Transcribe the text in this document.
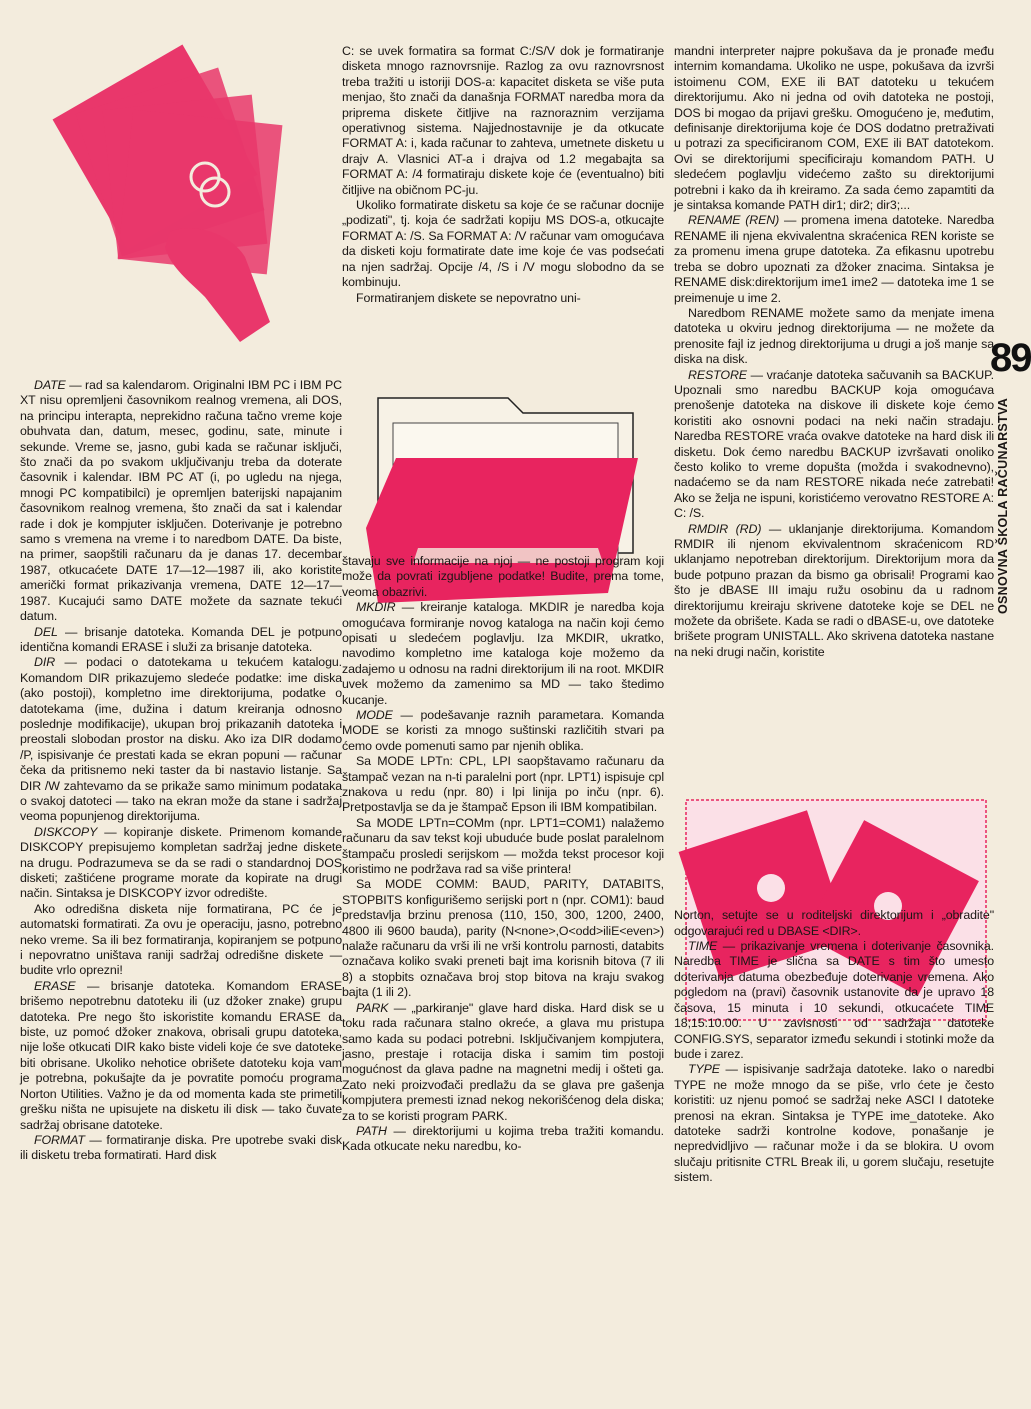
DATE — rad sa kalendarom. Originalni IBM PC i IBM PC XT nisu opremljeni časovnikom realnog vremena, ali DOS, na principu interapta, neprekidno računa tačno vreme koje obuhvata dan, datum, mesec, godinu, sate, minute i sekunde. Vreme se, jasno, gubi kada se računar isključi, što znači da po svakom uključivanju treba da doterate časovnik i kalendar. IBM PC AT (i, po ugledu na njega, mnogi PC kompatibilci) je opremljen baterijski napajanim časovnikom realnog vremena, što znači da sat i kalendar rade i dok je kompjuter isključen. Doterivanje je potrebno samo s vremena na vreme i to naredbom DATE. Da biste, na primer, saopštili računaru da je danas 17. decembar 1987, otkucaćete DATE 17—12—1987 ili, ako koristite američki format prikazivanja vremena, DATE 12—17—1987. Kucajući samo DATE možete da saznate tekući datum.

DEL — brisanje datoteka. Komanda DEL je potpuno identična komandi ERASE i služi za brisanje datoteka.

DIR — podaci o datotekama u tekućem katalogu. Komandom DIR prikazujemo sledeće podatke: ime diska (ako postoji), kompletno ime direktorijuma, podatke o datotekama (ime, dužina i datum kreiranja odnosno poslednje modifikacije), ukupan broj prikazanih datoteka i preostali slobodan prostor na disku. Ako iza DIR dodamo /P, ispisivanje će prestati kada se ekran popuni — računar čeka da pritisnemo neki taster da bi nastavio listanje. Sa DIR /W zahtevamo da se prikaže samo minimum podataka o svakoj datoteci — tako na ekran može da stane i sadržaj veoma popunjenog direktorijuma.

DISKCOPY — kopiranje diskete. Primenom komande DISKCOPY prepisujemo kompletan sadržaj jedne diskete na drugu. Podrazumeva se da se radi o standardnoj DOS disketi; zaštićene programe morate da kopirate na drugi način. Sintaksa je DISKCOPY izvor odredište.

Ako odredišna disketa nije formatirana, PC će je automatski formatirati. Za ovu je operaciju, jasno, potrebno neko vreme. Sa ili bez formatiranja, kopiranjem se potpuno i nepovratno uništava raniji sadržaj odredišne diskete — budite vrlo oprezni!

ERASE — brisanje datoteka. Komandom ERASE brišemo nepotrebnu datoteku ili (uz džoker znake) grupu datoteka. Pre nego što iskoristite komandu ERASE da biste, uz pomoć džoker znakova, obrisali grupu datoteka, nije loše otkucati DIR kako biste videli koje će sve datoteke biti obrisane. Ukoliko nehotice obrišete datoteku koja vam je potrebna, pokušajte da je povratite pomoću programa Norton Utilities. Važno je da od momenta kada ste primetili grešku ništa ne upisujete na disketu ili disk — tako čuvate sadržaj obrisane datoteke.

FORMAT — formatiranje diska. Pre upotrebe svaki disk ili disketu treba formatirati. Hard disk

C: se uvek formatira sa format C:/S/V dok je formatiranje disketa mnogo raznovrsnije. Razlog za ovu raznovrsnost treba tražiti u istoriji DOS-a: kapacitet disketa se više puta menjao, što znači da današnja FORMAT naredba mora da priprema diskete čitljive na raznoraznim verzijama operativnog sistema. Najjednostavnije je da otkucate FORMAT A: i, kada računar to zahteva, umetnete disketu u drajv A. Vlasnici AT-a i drajva od 1.2 megabajta sa FORMAT A: /4 formatiraju diskete koje će (eventualno) biti čitljive na običnom PC-ju.

Ukoliko formatirate disketu sa koje će se računar docnije „podizati", tj. koja će sadržati kopiju MS DOS-a, otkucajte FORMAT A: /S. Sa FORMAT A: /V računar vam omogućava da disketi koju formatirate date ime koje će vas podsećati na njen sadržaj. Opcije /4, /S i /V mogu slobodno da se kombinuju.

Formatiranjem diskete se nepovratno uni-

štavaju sve informacije na njoj — ne postoji program koji može da povrati izgubljene podatke! Budite, prema tome, veoma obazrivi.

MKDIR — kreiranje kataloga. MKDIR je naredba koja omogućava formiranje novog kataloga na način koji ćemo opisati u sledećem poglavlju. Iza MKDIR, ukratko, navodimo kompletno ime kataloga koje možemo da zadajemo u odnosu na radni direktorijum ili na root. MKDIR uvek možemo da zamenimo sa MD — tako štedimo kucanje.

MODE — podešavanje raznih parametara. Komanda MODE se koristi za mnogo suštinski različitih stvari pa ćemo ovde pomenuti samo par njenih oblika.

Sa MODE LPTn: CPL, LPI saopštavamo računaru da štampač vezan na n-ti paralelni port (npr. LPT1) ispisuje cpl znakova u redu (npr. 80) i lpi linija po inču (npr. 6). Pretpostavlja se da je štampač Epson ili IBM kompatibilan.

Sa MODE LPTn=COMm (npr. LPT1=COM1) nalažemo računaru da sav tekst koji ubuduće bude poslat paralelnom štampaču prosledi serijskom — možda tekst procesor koji koristimo ne podržava rad sa više printera!

Sa MODE COMM: BAUD, PARITY, DATABITS, STOPBITS konfigurišemo serijski port n (npr. COM1): baud predstavlja brzinu prenosa (110, 150, 300, 1200, 2400, 4800 ili 9600 bauda), parity (N<none>,O<odd>iliE<even>) nalaže računaru da vrši ili ne vrši kontrolu parnosti, databits označava koliko svaki preneti bajt ima korisnih bitova (7 ili 8) a stopbits označava broj stop bitova na kraju svakog bajta (1 ili 2).

PARK — „parkiranje" glave hard diska. Hard disk se u toku rada računara stalno okreće, a glava mu pristupa samo kada su podaci potrebni. Isključivanjem kompjutera, jasno, prestaje i rotacija diska i samim tim postoji mogućnost da glava padne na magnetni medij i ošteti ga. Zato neki proizvođači predlažu da se glava pre gašenja kompjutera premesti iznad nekog nekorišćenog dela diska; za to se koristi program PARK.

PATH — direktorijumi u kojima treba tražiti komandu. Kada otkucate neku naredbu, ko-

mandni interpreter najpre pokušava da je pronađe među internim komandama. Ukoliko ne uspe, pokušava da izvrši istoimenu COM, EXE ili BAT datoteku u tekućem direktorijumu. Ako ni jedna od ovih datoteka ne postoji, DOS bi mogao da prijavi grešku. Omogućeno je, međutim, definisanje direktorijuma koje će DOS dodatno pretraživati u potrazi za specificiranom COM, EXE ili BAT datotekom. Ovi se direktorijumi specificiraju komandom PATH. U sledećem poglavlju videćemo zašto su direktorijumi potrebni i kako da ih kreiramo. Za sada ćemo zapamtiti da je sintaksa komande PATH dir1; dir2; dir3;...

RENAME (REN) — promena imena datoteke. Naredba RENAME ili njena ekvivalentna skraćenica REN koriste se za promenu imena grupe datoteka. Za efikasnu upotrebu treba se dobro upoznati za džoker znacima. Sintaksa je RENAME disk:direktorijum ime1 ime2 — datoteka ime 1 se preimenuje u ime 2.

Naredbom RENAME možete samo da menjate imena datoteka u okviru jednog direktorijuma — ne možete da prenosite fajl iz jednog direktorijuma u drugi a još manje sa diska na disk.

RESTORE — vraćanje datoteka sačuvanih sa BACKUP. Upoznali smo naredbu BACKUP koja omogućava prenošenje datoteka na diskove ili diskete koje ćemo koristiti ako osnovni podaci na neki način stradaju. Naredba RESTORE vraća ovakve datoteke na hard disk ili disketu. Dok ćemo naredbu BACKUP izvršavati onoliko često koliko to vreme dopušta (možda i svakodnevno), nadaćemo se da nam RESTORE nikada neće zatrebati! Ako se želja ne ispuni, koristićemo verovatno RESTORE A: C: /S.

RMDIR (RD) — uklanjanje direktorijuma. Komandom RMDIR ili njenom ekvivalentnom skraćenicom RD uklanjamo nepotreban direktorijum. Direktorijum mora da bude potpuno prazan da bismo ga obrisali! Programi kao što je dBASE III imaju ružu osobinu da u radnom direktorijumu kreiraju skrivene datoteke koje se DEL ne možete da obrišete. Kada se radi o dBASE-u, ove datoteke brišete program UNISTALL. Ako skrivena datoteka nastane na neki drugi način, koristite

Norton, setujte se u roditeljski direktorijum i „obradite" odgovarajući red u DBASE <DIR>.

TIME — prikazivanje vremena i doterivanje časovnika. Naredba TIME je slična sa DATE s tim što umesto doterivanja datuma obezbeđuje doterivanje vremena. Ako pogledom na (pravi) časovnik ustanovite da je upravo 18 časova, 15 minuta i 10 sekundi, otkucaćete TIME 18;15:10.00. U zavisnosti od sadržaja datoteke CONFIG.SYS, separator između sekundi i stotinki može da bude i zarez.

TYPE — ispisivanje sadržaja datoteke. Iako o naredbi TYPE ne može mnogo da se piše, vrlo ćete je često koristiti: uz njenu pomoć se sadržaj neke ASCI I datoteke prenosi na ekran. Sintaksa je TYPE ime_datoteke. Ako datoteke sadrži kontrolne kodove, ponašanje je nepredvidljivo — računar može i da se blokira. U ovom slučaju pritisnite CTRL Break ili, u gorem slučaju, resetujte sistem.

89
OSNOVNA ŠKOLA RAČUNARSTVA
